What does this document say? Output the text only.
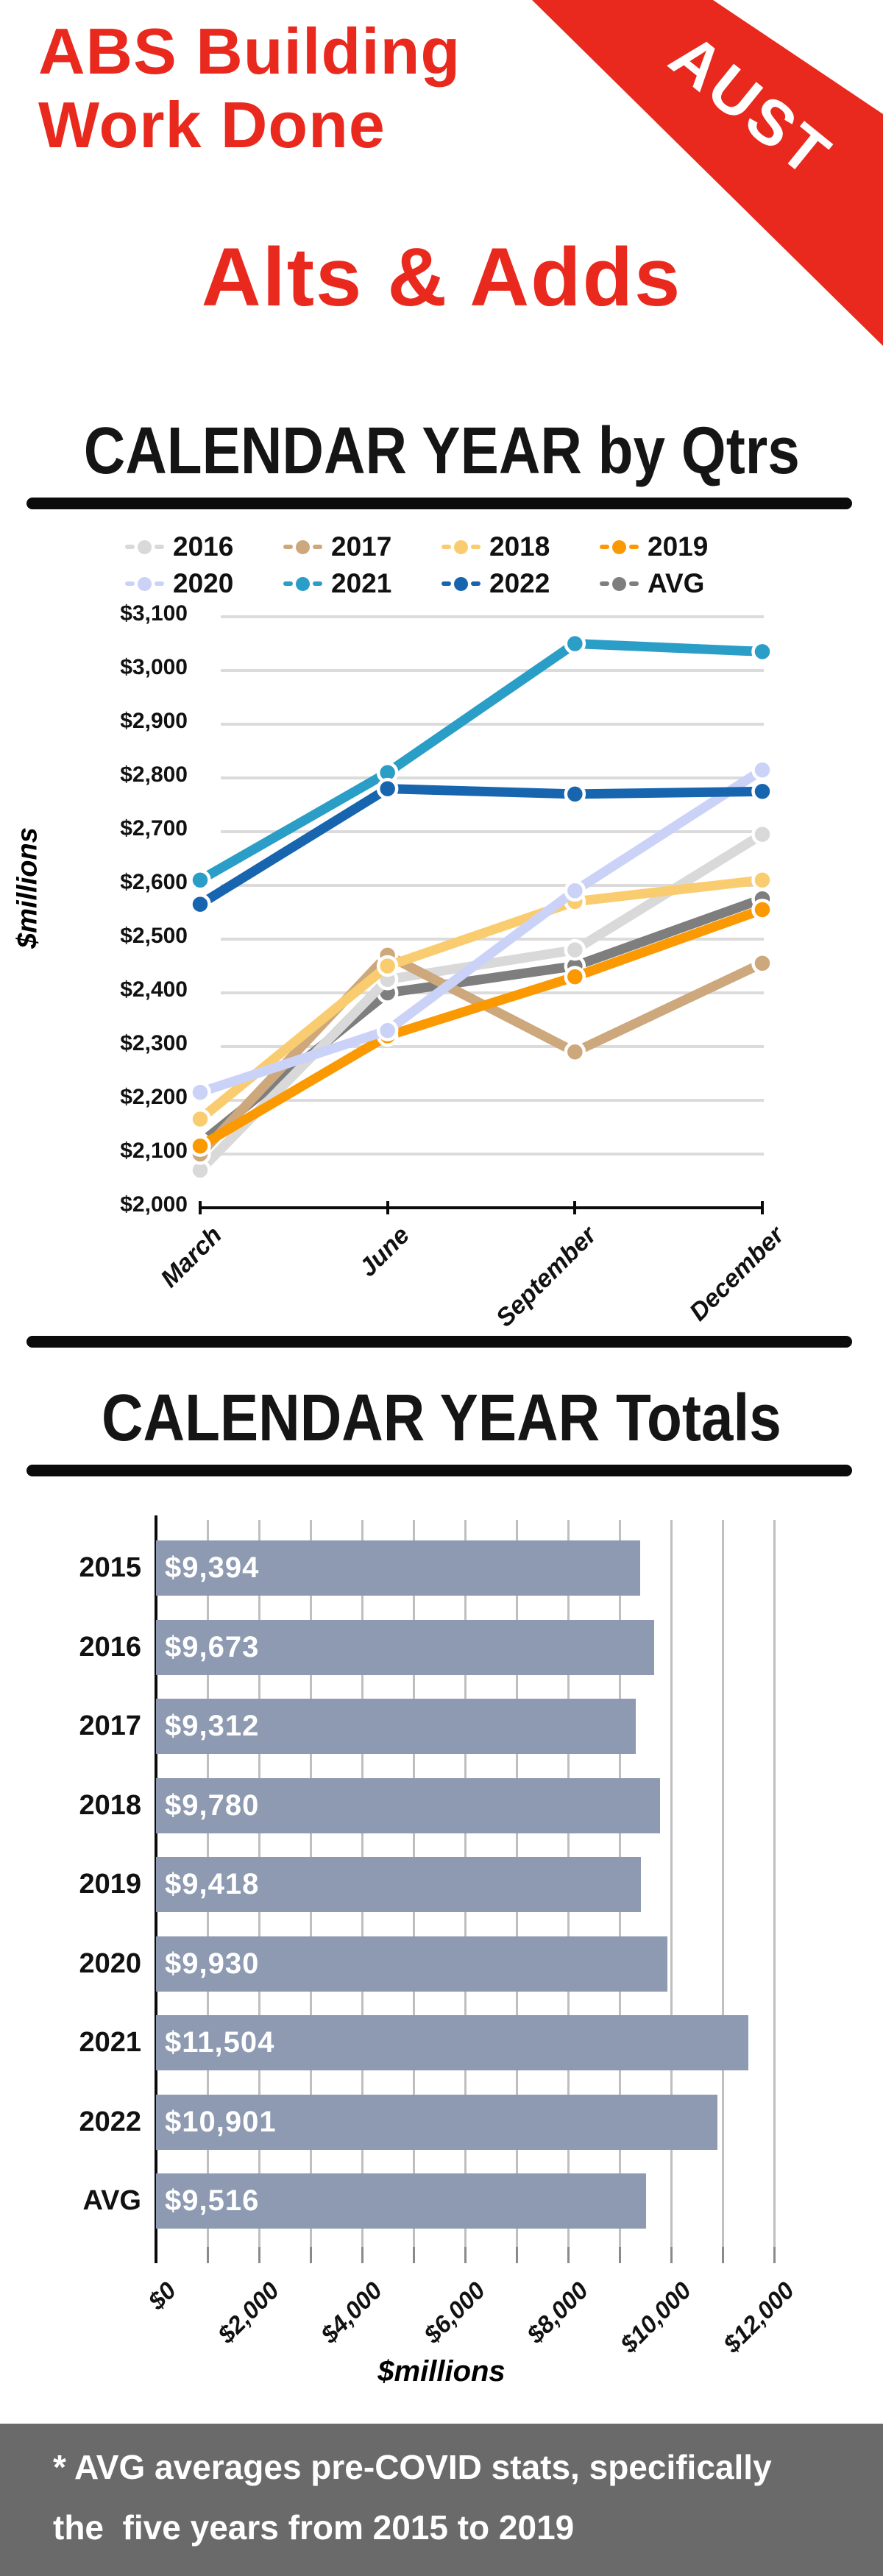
AUST
ABS Building
Work Done
Alts & Adds
CALENDAR YEAR by Qtrs
2016	2017	2018	2019
2020	2021	2022	AVG
$millions
$2,000
$2,100
$2,200
$2,300
$2,400
$2,500
$2,600
$2,700
$2,800
$2,900
$3,000
$3,100
March	June	September	December
CALENDAR YEAR Totals
2015 $9,394
2016 $9,673
2017 $9,312
2018 $9,780
2019 $9,418
2020 $9,930
2021 $11,504
2022 $10,901
AVG $9,516
$0	$2,000	$4,000	$6,000	$8,000 $10,000 $12,000
$millions
* AVG averages pre-COVID stats, specifically
the  five years from 2015 to 2019
